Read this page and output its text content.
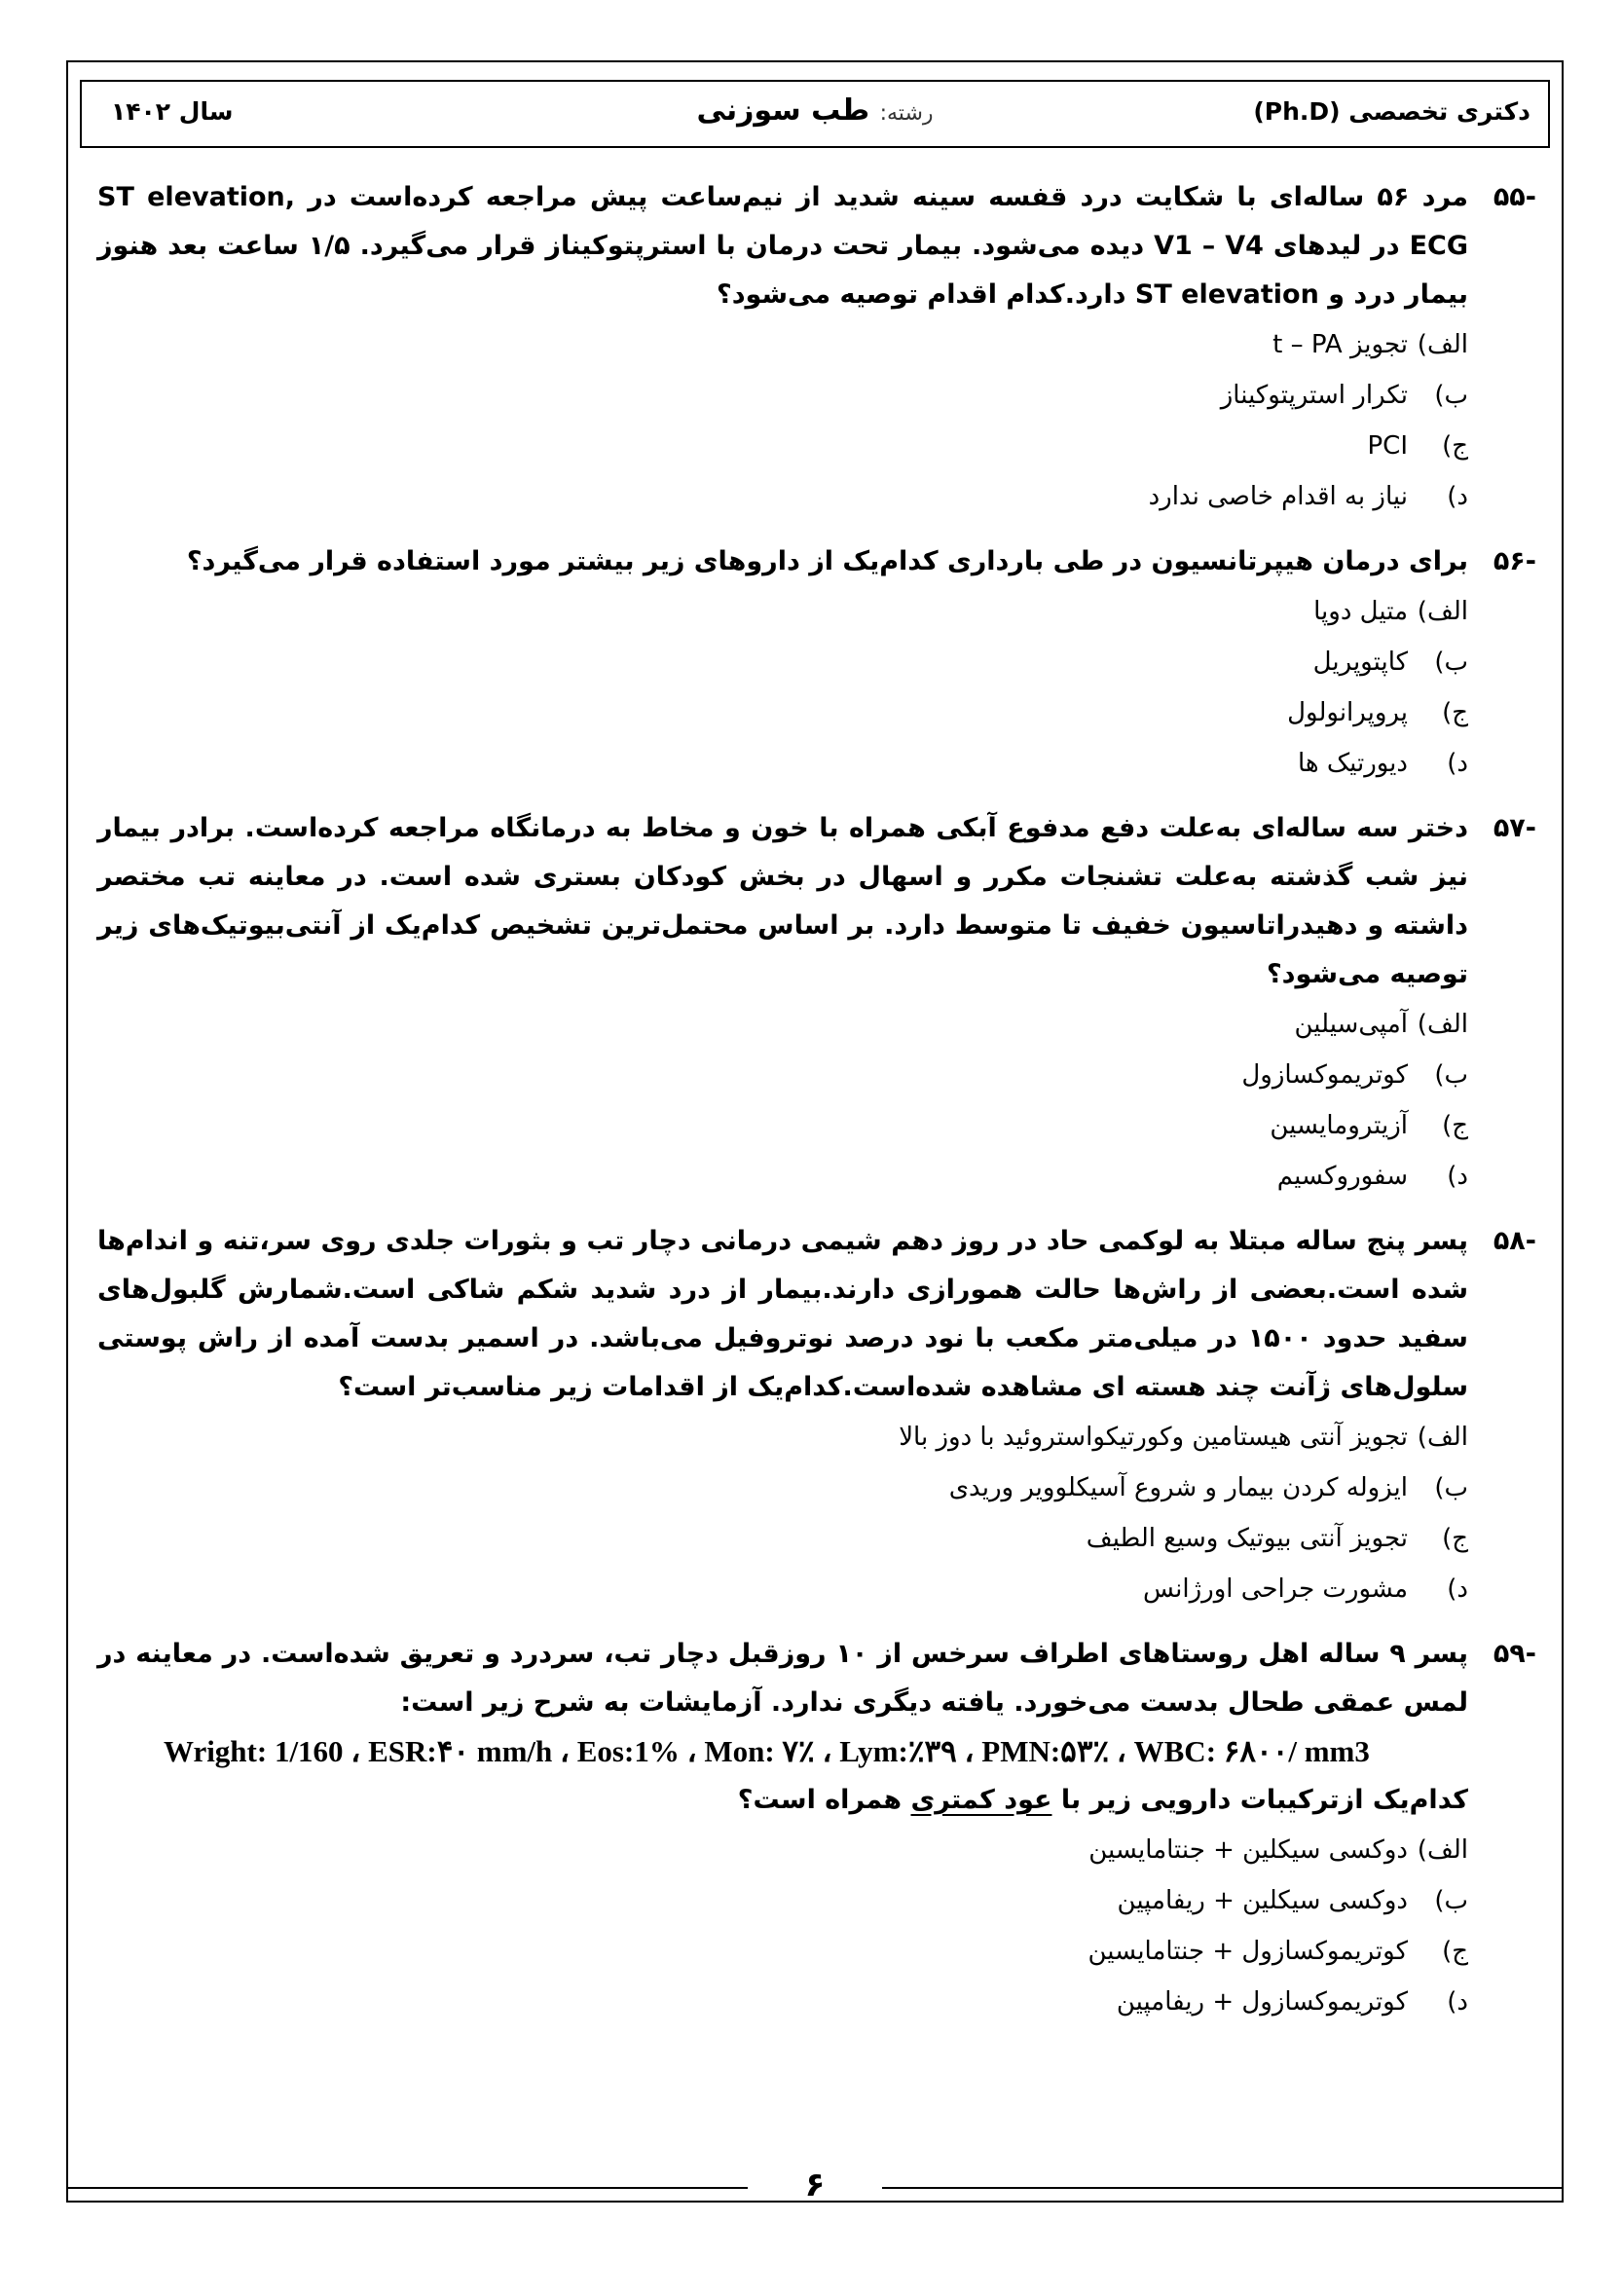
دکتری تخصصی (Ph.D)
رشته: طب سوزنی
سال ۱۴۰۲
-۵۵
مرد ۵۶ ساله‌ای با شکایت درد قفسه سینه شدید از نیم‌ساعت پیش مراجعه کرده‌است در ST elevation, ECG در لیدهای V1 – V4 دیده می‌شود. بیمار تحت درمان با استرپتوکیناز قرار می‌گیرد. ۱/۵ ساعت بعد هنوز بیمار درد و ST elevation دارد.کدام اقدام توصیه می‌شود؟
الف)
تجویز t – PA
ب)
تکرار استرپتوکیناز
ج)
PCI
د)
نیاز به اقدام خاصی ندارد
-۵۶
برای درمان هیپرتانسیون در طی بارداری کدام‌یک از داروهای زیر بیشتر مورد استفاده قرار می‌گیرد؟
الف)
متیل دوپا
ب)
کاپتوپریل
ج)
پروپرانولول
د)
دیورتیک ها
-۵۷
دختر سه ساله‌ای به‌علت دفع مدفوع آبکی همراه با خون و مخاط به درمانگاه مراجعه کرده‌است. برادر بیمار نیز شب گذشته به‌علت تشنجات مکرر و اسهال در بخش کودکان بستری شده است. در معاینه تب مختصر داشته و دهیدراتاسیون خفیف تا متوسط دارد. بر اساس محتمل‌ترین تشخیص کدام‌یک از آنتی‌بیوتیک‌های زیر توصیه می‌شود؟
الف)
آمپی‌سیلین
ب)
کوتریموکسازول
ج)
آزیترومایسین
د)
سفوروکسیم
-۵۸
پسر پنج ساله مبتلا به لوکمی حاد در روز دهم شیمی درمانی دچار تب و بثورات جلدی روی سر،تنه و اندام‌ها شده است.بعضی از راش‌ها حالت همورازی دارند.بیمار از درد شدید شکم شاکی است.شمارش گلبول‌های سفید حدود ۱۵۰۰ در میلی‌متر مکعب با نود درصد نوتروفیل می‌باشد. در اسمیر بدست آمده از راش پوستی سلول‌های ژآنت چند هسته ای مشاهده شده‌است.کدام‌یک از اقدامات زیر مناسب‌تر است؟
الف)
تجویز آنتی هیستامین وکورتیکواستروئید با دوز بالا
ب)
ایزوله کردن بیمار و شروع آسیکلوویر وریدی
ج)
تجویز آنتی بیوتیک وسیع الطیف
د)
مشورت جراحی اورژانس
-۵۹
پسر ۹ ساله اهل روستاهای اطراف سرخس از ۱۰ روزقبل دچار تب، سردرد و تعریق شده‌است. در معاینه در لمس عمقی طحال بدست می‌خورد. یافته دیگری ندارد. آزمایشات به شرح زیر است:
Wright: 1/160 ، ESR:۴۰ mm/h ، Eos:1% ، Mon: ۷٪ ، Lym:٪۳۹ ، PMN:۵۳٪ ، WBC: ۶۸۰۰/ mm3
کدام‌یک ازترکیبات دارویی زیر با عود کمتری همراه است؟
الف)
دوکسی سیکلین + جنتامایسین
ب)
دوکسی سیکلین + ریفامپین
ج)
کوتریموکسازول + جنتامایسین
د)
کوتریموکسازول + ریفامپین
۶
